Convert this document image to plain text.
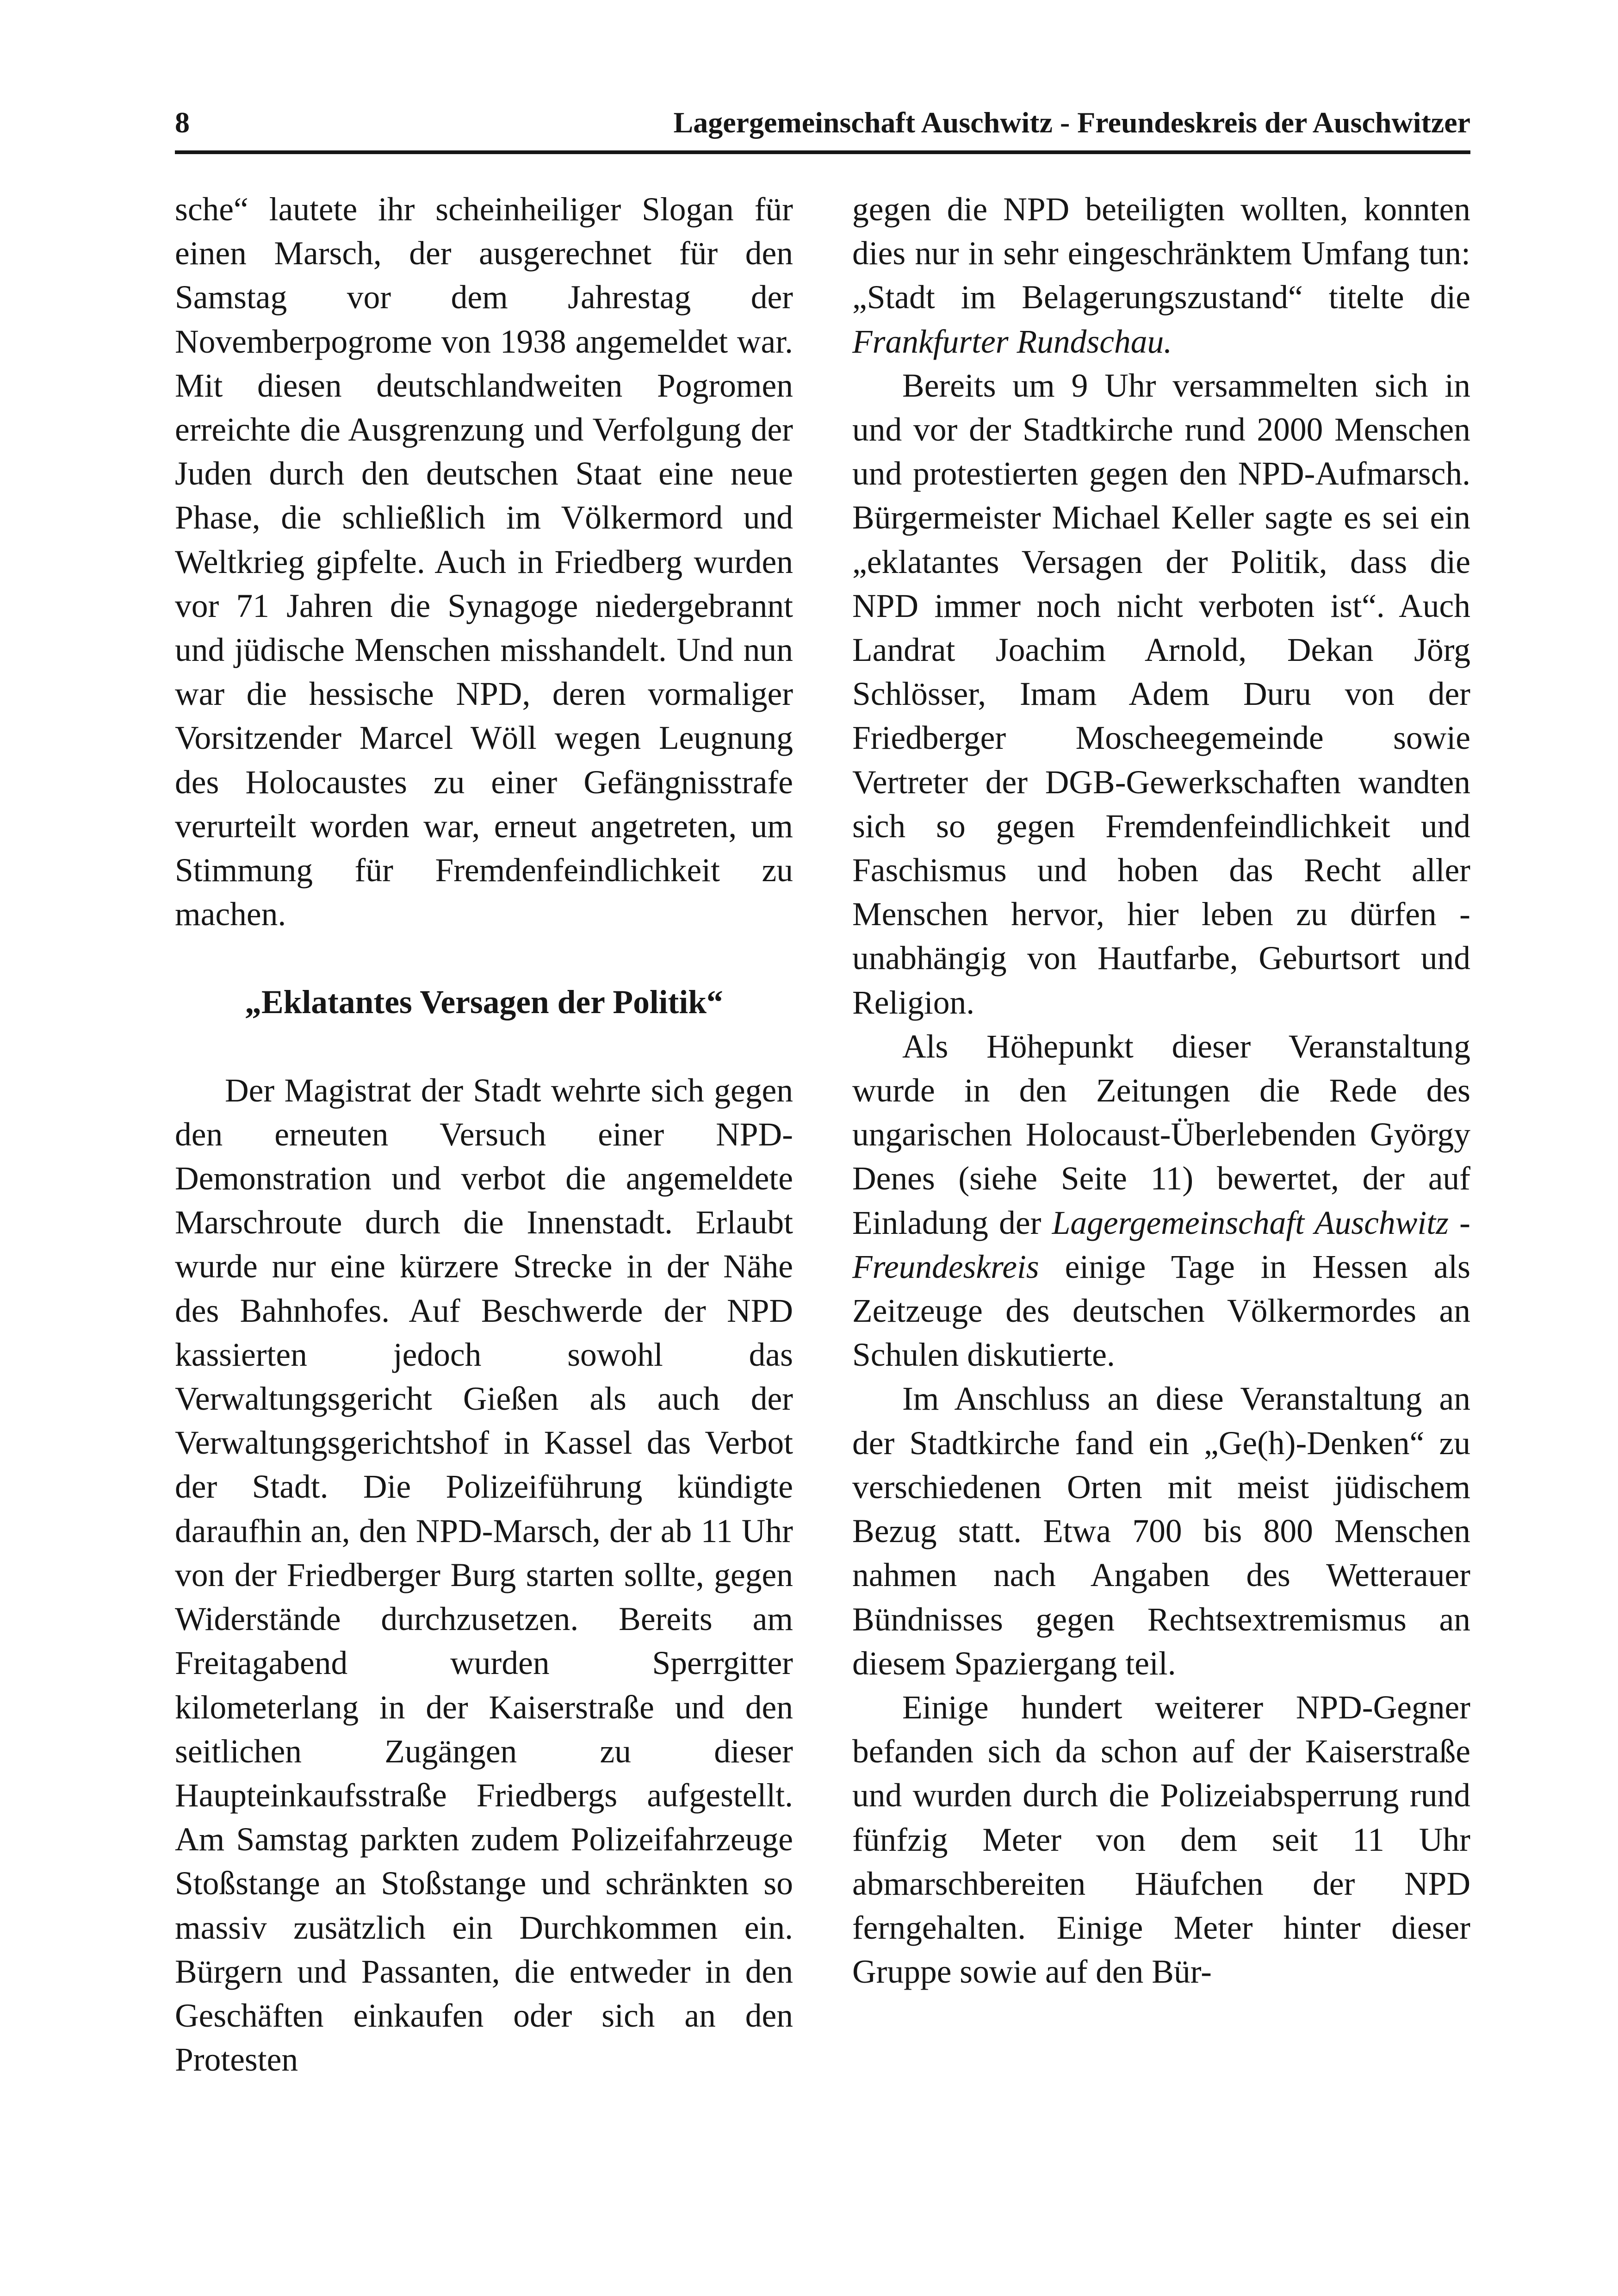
8	Lagergemeinschaft Auschwitz - Freundeskreis der Auschwitzer

sche“ lautete ihr scheinheiliger Slogan für einen Marsch, der ausgerechnet für den Samstag vor dem Jahrestag der Novemberpogrome von 1938 angemeldet war. Mit diesen deutschlandweiten Pogromen erreichte die Ausgrenzung und Verfolgung der Juden durch den deutschen Staat eine neue Phase, die schließlich im Völkermord und Weltkrieg gipfelte. Auch in Friedberg wurden vor 71 Jahren die Synagoge niedergebrannt und jüdische Menschen misshandelt. Und nun war die hessische NPD, deren vormaliger Vorsitzender Marcel Wöll wegen Leugnung des Holocaustes zu einer Gefängnisstrafe verurteilt worden war, erneut angetreten, um Stimmung für Fremdenfeindlichkeit zu machen.

„Eklatantes Versagen der Politik“

Der Magistrat der Stadt wehrte sich gegen den erneuten Versuch einer NPD-Demonstration und verbot die angemeldete Marschroute durch die Innenstadt. Erlaubt wurde nur eine kürzere Strecke in der Nähe des Bahnhofes. Auf Beschwerde der NPD kassierten jedoch sowohl das Verwaltungsgericht Gießen als auch der Verwaltungsgerichtshof in Kassel das Verbot der Stadt. Die Polizeiführung kündigte daraufhin an, den NPD-Marsch, der ab 11 Uhr von der Friedberger Burg starten sollte, gegen Widerstände durchzusetzen. Bereits am Freitagabend wurden Sperrgitter kilometerlang in der Kaiserstraße und den seitlichen Zugängen zu dieser Haupteinkaufsstraße Friedbergs aufgestellt. Am Samstag parkten zudem Polizeifahrzeuge Stoßstange an Stoßstange und schränkten so massiv zusätzlich ein Durchkommen ein. Bürgern und Passanten, die entweder in den Geschäften einkaufen oder sich an den Protesten

gegen die NPD beteiligten wollten, konnten dies nur in sehr eingeschränktem Umfang tun: „Stadt im Belagerungszustand“ titelte die Frankfurter Rundschau.

Bereits um 9 Uhr versammelten sich in und vor der Stadtkirche rund 2000 Menschen und protestierten gegen den NPD-Aufmarsch. Bürgermeister Michael Keller sagte es sei ein „eklatantes Versagen der Politik, dass die NPD immer noch nicht verboten ist“. Auch Landrat Joachim Arnold, Dekan Jörg Schlösser, Imam Adem Duru von der Friedberger Moscheegemeinde sowie Vertreter der DGB-Gewerkschaften wandten sich so gegen Fremdenfeindlichkeit und Faschismus und hoben das Recht aller Menschen hervor, hier leben zu dürfen - unabhängig von Hautfarbe, Geburtsort und Religion.

Als Höhepunkt dieser Veranstaltung wurde in den Zeitungen die Rede des ungarischen Holocaust-Überlebenden György Denes (siehe Seite 11) bewertet, der auf Einladung der Lagergemeinschaft Auschwitz - Freundeskreis einige Tage in Hessen als Zeitzeuge des deutschen Völkermordes an Schulen diskutierte.

Im Anschluss an diese Veranstaltung an der Stadtkirche fand ein „Ge(h)-Denken“ zu verschiedenen Orten mit meist jüdischem Bezug statt. Etwa 700 bis 800 Menschen nahmen nach Angaben des Wetterauer Bündnisses gegen Rechtsextremismus an diesem Spaziergang teil.

Einige hundert weiterer NPD-Gegner befanden sich da schon auf der Kaiserstraße und wurden durch die Polizeiabsperrung rund fünfzig Meter von dem seit 11 Uhr abmarschbereiten Häufchen der NPD ferngehalten. Einige Meter hinter dieser Gruppe sowie auf den Bür-
